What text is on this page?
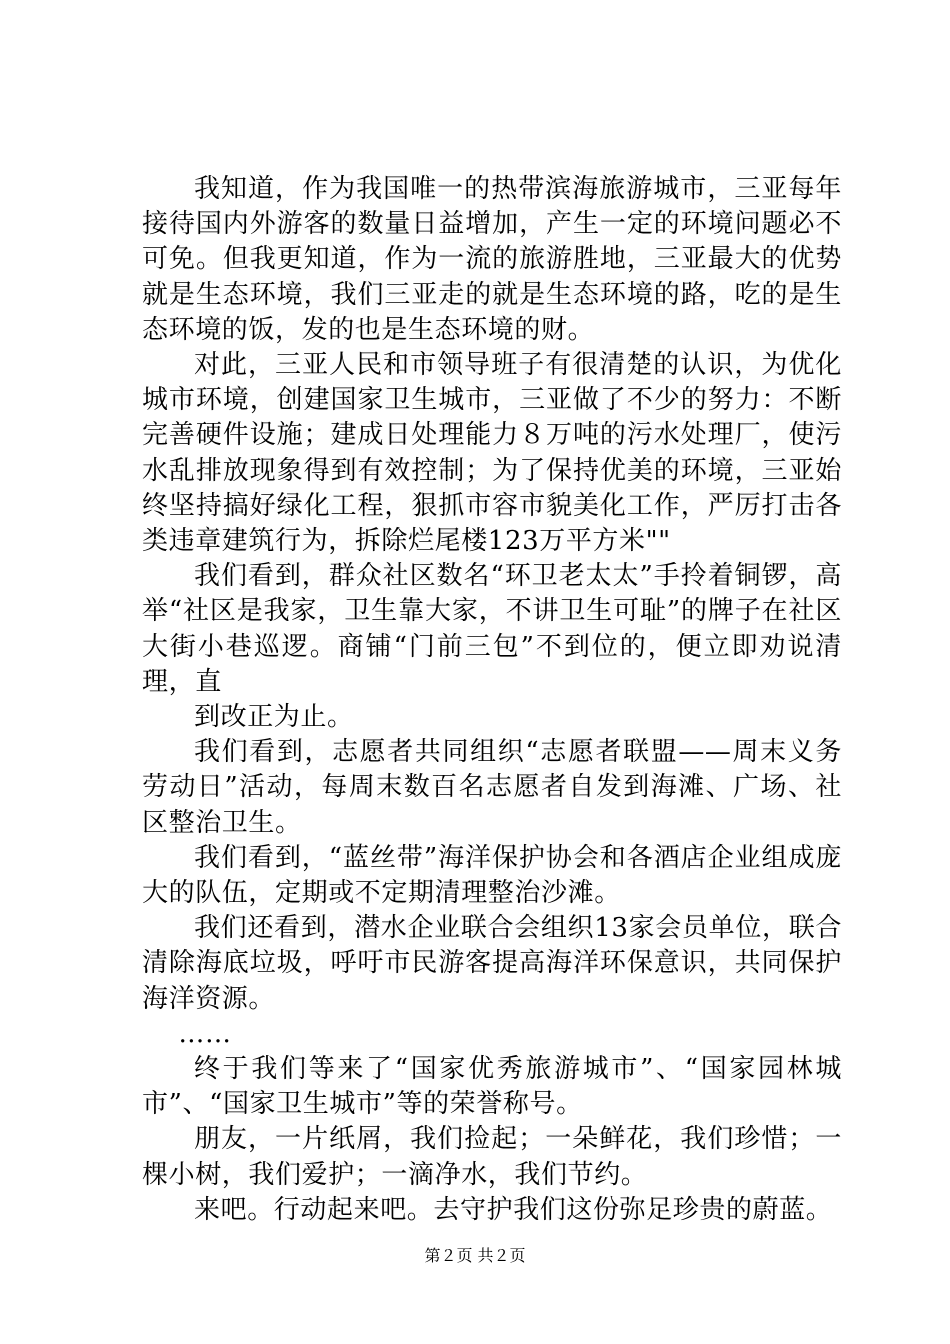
我知道，作为我国唯一的热带滨海旅游城市，三亚每年接待国内外游客的数量日益增加，产生一定的环境问题必不可免。但我更知道，作为一流的旅游胜地，三亚最大的优势就是生态环境，我们三亚走的就是生态环境的路，吃的是生态环境的饭，发的也是生态环境的财。

对此，三亚人民和市领导班子有很清楚的认识，为优化城市环境，创建国家卫生城市，三亚做了不少的努力：不断完善硬件设施；建成日处理能力８万吨的污水处理厂，使污水乱排放现象得到有效控制；为了保持优美的环境，三亚始终坚持搞好绿化工程，狠抓市容市貌美化工作，严厉打击各类违章建筑行为，拆除烂尾楼123万平方米""

我们看到，群众社区数名“环卫老太太”手拎着铜锣，高举“社区是我家，卫生靠大家，不讲卫生可耻”的牌子在社区大街小巷巡逻。商铺“门前三包”不到位的，便立即劝说清理，直

到改正为止。

我们看到，志愿者共同组织“志愿者联盟——周末义务劳动日”活动，每周末数百名志愿者自发到海滩、广场、社区整治卫生。

我们看到，“蓝丝带”海洋保护协会和各酒店企业组成庞大的队伍，定期或不定期清理整治沙滩。

我们还看到，潜水企业联合会组织13家会员单位，联合清除海底垃圾，呼吁市民游客提高海洋环保意识，共同保护海洋资源。

……

终于我们等来了“国家优秀旅游城市”、“国家园林城市”、“国家卫生城市”等的荣誉称号。

朋友，一片纸屑，我们捡起；一朵鲜花，我们珍惜；一棵小树，我们爱护；一滴净水，我们节约。

来吧。行动起来吧。去守护我们这份弥足珍贵的蔚蓝。

第２页 共２页
